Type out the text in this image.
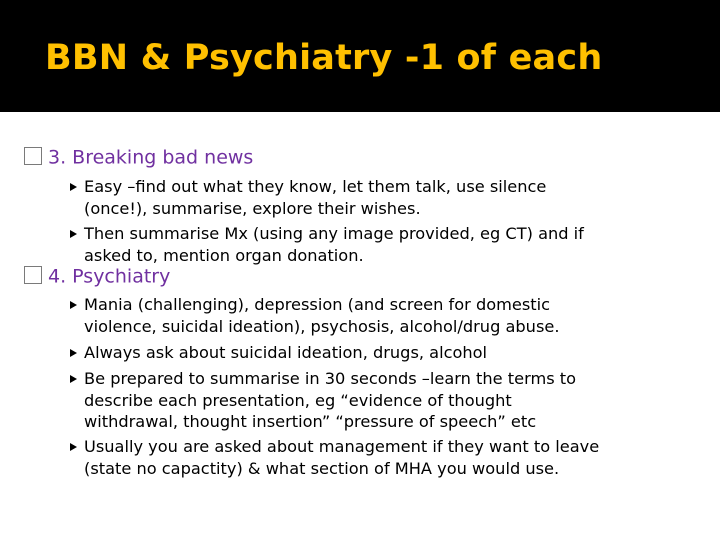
BBN & Psychiatry -1 of each
3. Breaking bad news
Easy –find out what they know, let them talk, use silence
(once!), summarise, explore their wishes.
Then summarise Mx (using any image provided, eg CT) and if
asked to, mention organ donation.
4. Psychiatry
Mania (challenging), depression (and screen for domestic
violence, suicidal ideation), psychosis, alcohol/drug abuse.
Always ask about suicidal ideation, drugs, alcohol
Be prepared to summarise in 30 seconds –learn the terms to
describe each presentation, eg “evidence of thought
withdrawal, thought insertion” “pressure of speech” etc
Usually you are asked about management if they want to leave
(state no capactity) & what section of MHA you would use.
